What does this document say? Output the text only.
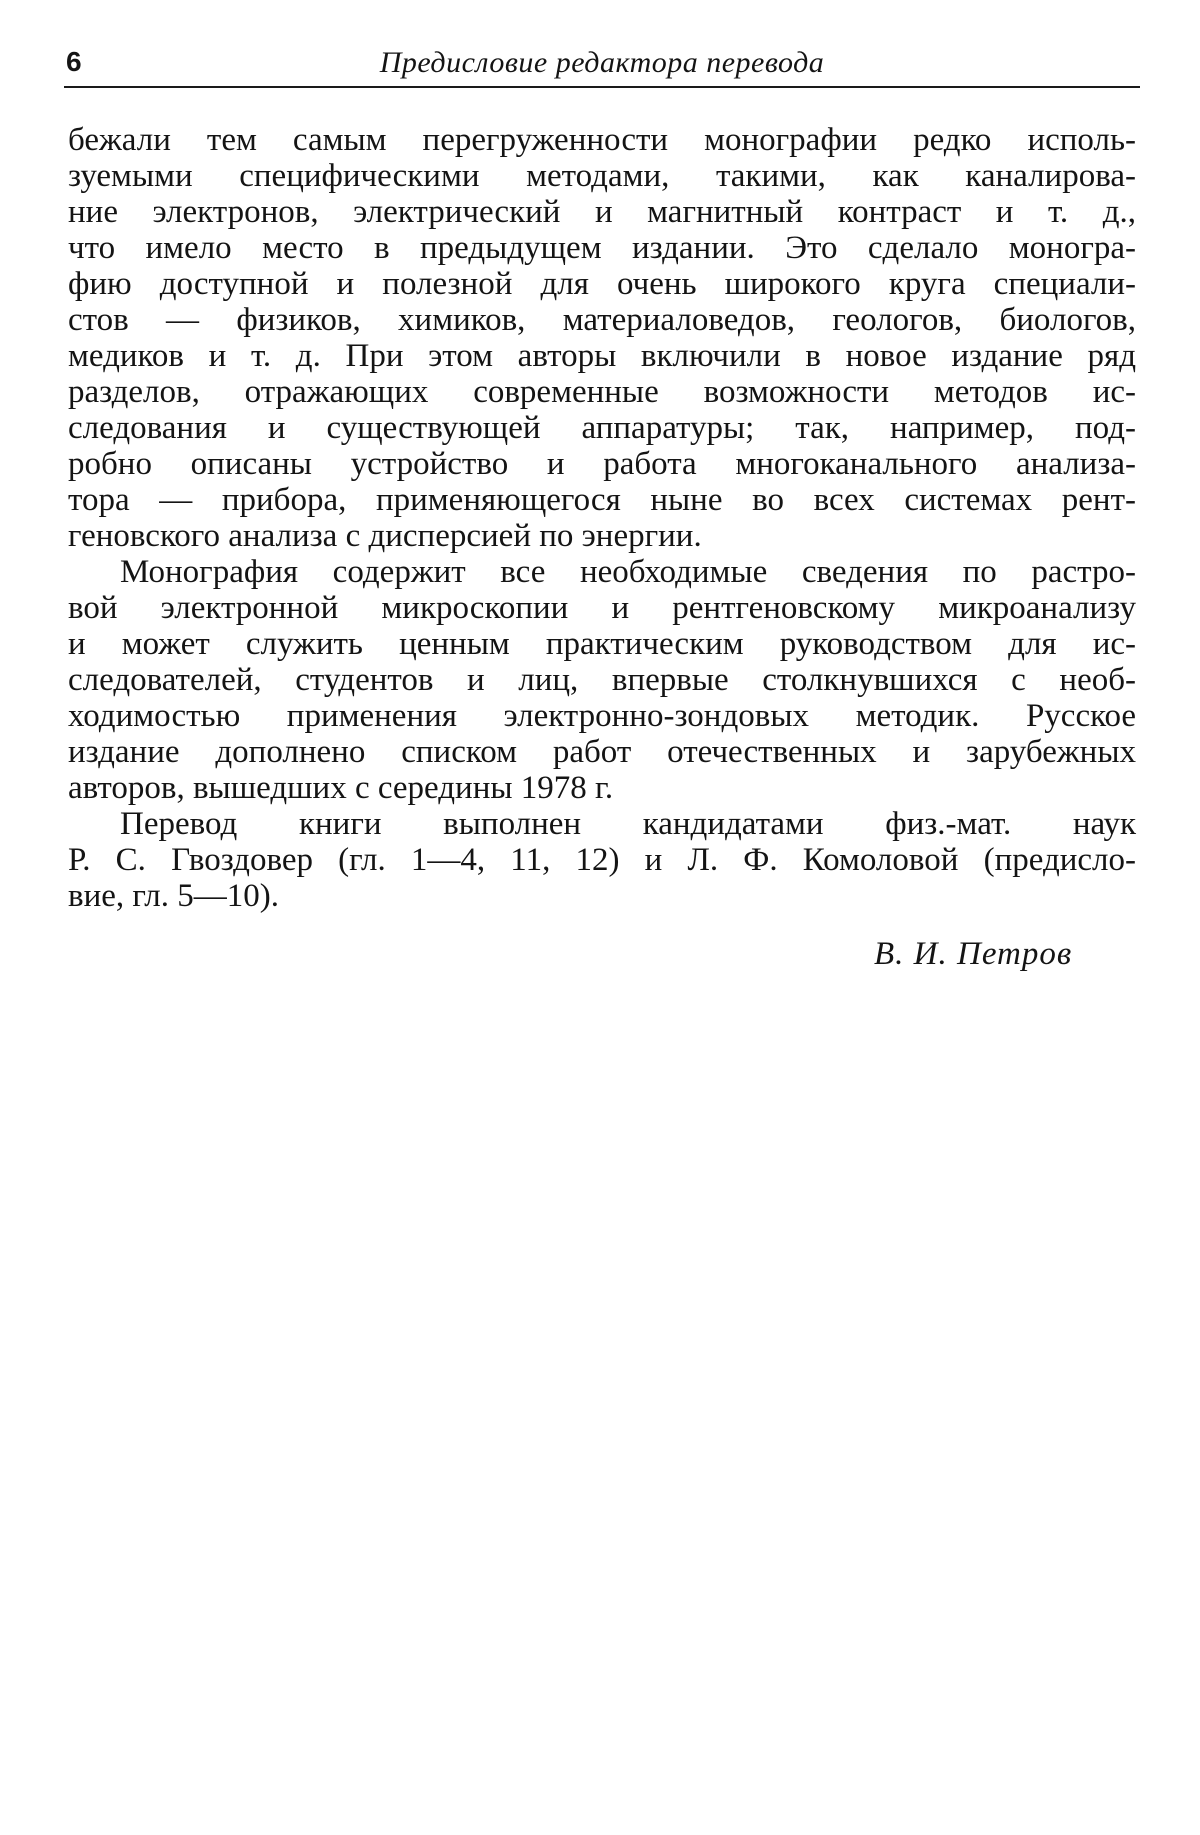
6	Предисловие редактора перевода
бежали тем самым перегруженности монографии редко исполь-
зуемыми специфическими методами, такими, как каналирова-
ние электронов, электрический и магнитный контраст и т. д.,
что имело место в предыдущем издании. Это сделало моногра-
фию доступной и полезной для очень широкого круга специали-
стов — физиков, химиков, материаловедов, геологов, биологов,
медиков и т. д. При этом авторы включили в новое издание ряд
разделов, отражающих современные возможности методов ис-
следования и существующей аппаратуры; так, например, под-
робно описаны устройство и работа многоканального анализа-
тора — прибора, применяющегося ныне во всех системах рент-
геновского анализа с дисперсией по энергии.
Монография содержит все необходимые сведения по растро-
вой электронной микроскопии и рентгеновскому микроанализу
и может служить ценным практическим руководством для ис-
следователей, студентов и лиц, впервые столкнувшихся с необ-
ходимостью применения электронно-зондовых методик. Русское
издание дополнено списком работ отечественных и зарубежных
авторов, вышедших с середины 1978 г.
Перевод книги выполнен кандидатами физ.-мат. наук
Р. С. Гвоздовер (гл. 1—4, 11, 12) и Л. Ф. Комоловой (предисло-
вие, гл. 5—10).
В. И. Петров
